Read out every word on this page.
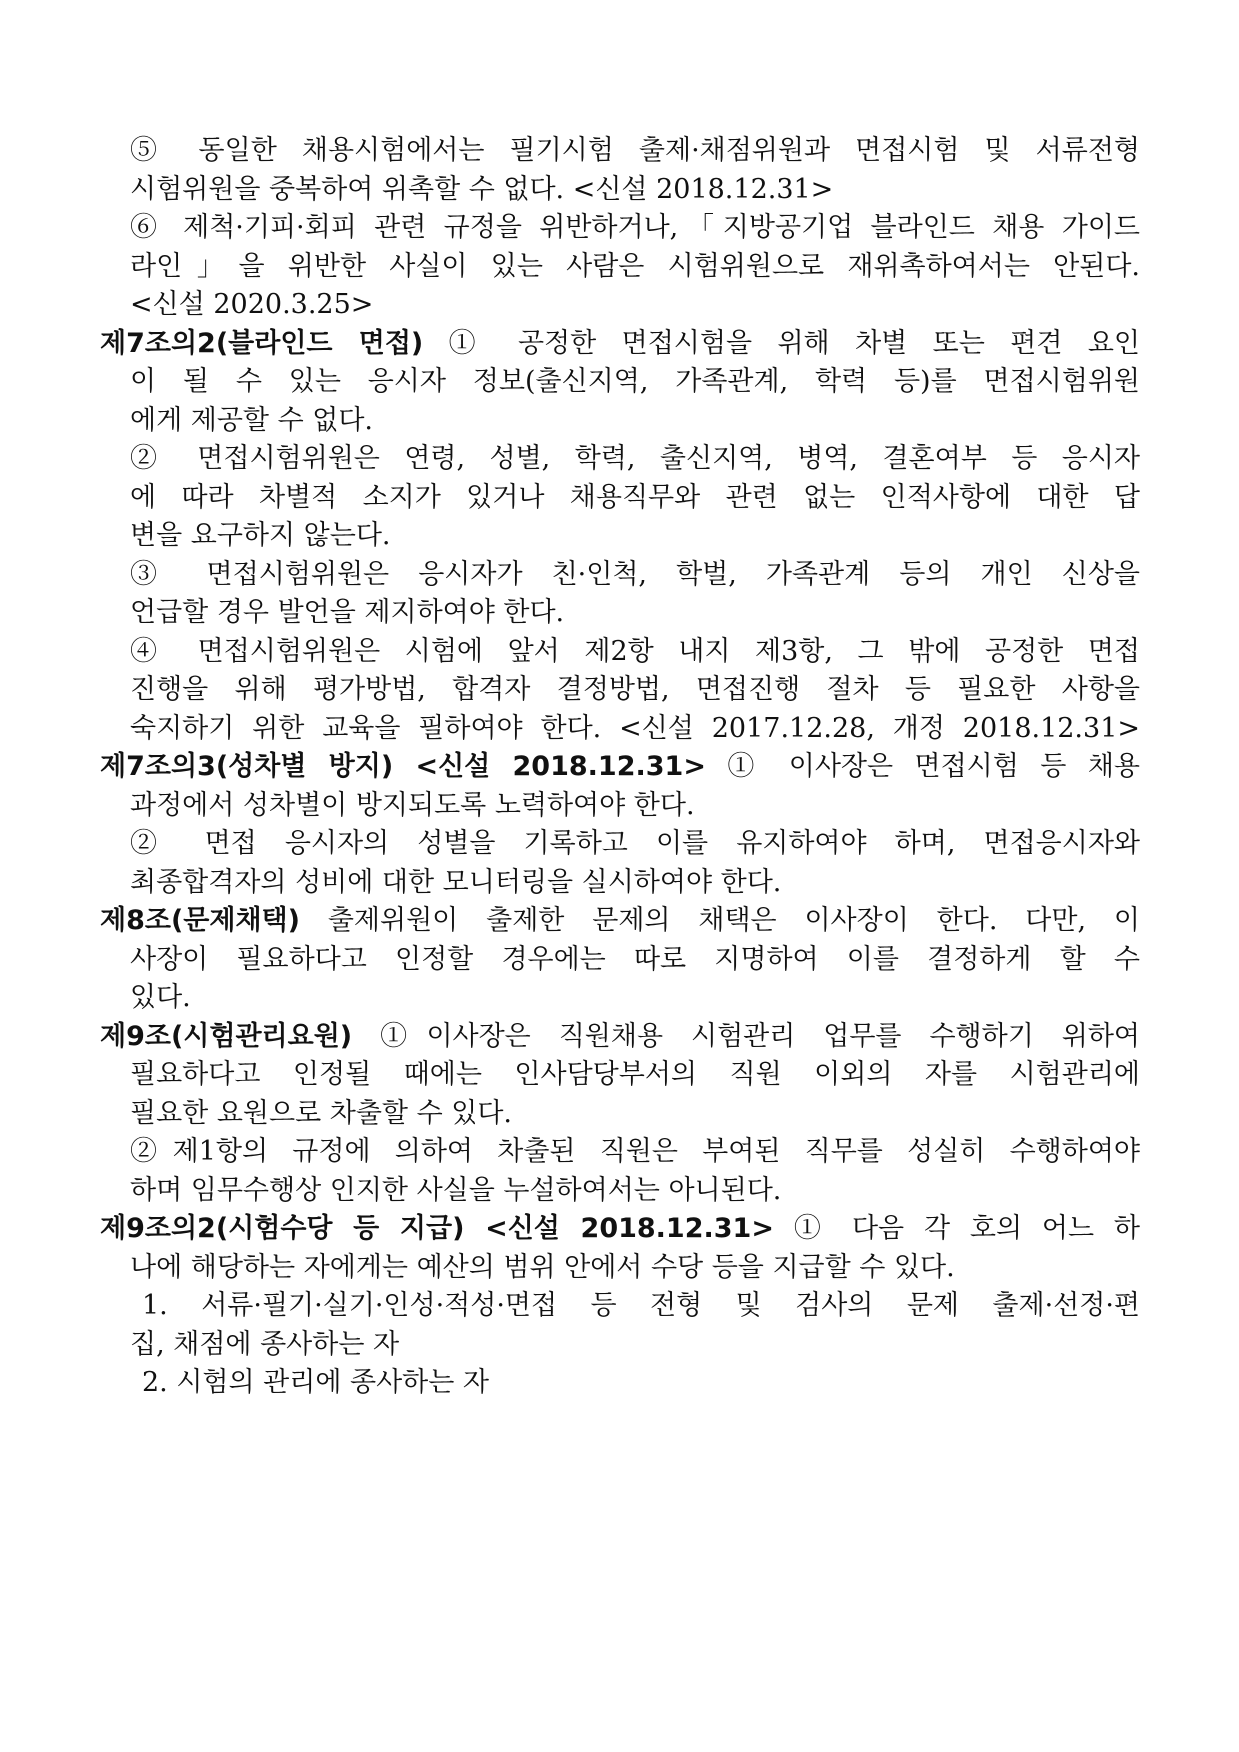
⑤ 동일한 채용시험에서는 필기시험 출제·채점위원과 면접시험 및 서류전형
시험위원을 중복하여 위촉할 수 없다. <신설 2018.12.31>
⑥ 제척·기피·회피 관련 규정을 위반하거나,「지방공기업 블라인드 채용 가이드
라인」을 위반한 사실이 있는 사람은 시험위원으로 재위촉하여서는 안된다.
<신설 2020.3.25>
제7조의2(블라인드 면접) ① 공정한 면접시험을 위해 차별 또는 편견 요인
이 될 수 있는 응시자 정보(출신지역, 가족관계, 학력 등)를 면접시험위원
에게 제공할 수 없다.
② 면접시험위원은 연령, 성별, 학력, 출신지역, 병역, 결혼여부 등 응시자
에 따라 차별적 소지가 있거나 채용직무와 관련 없는 인적사항에 대한 답
변을 요구하지 않는다.
③ 면접시험위원은 응시자가 친·인척, 학벌, 가족관계 등의 개인 신상을
언급할 경우 발언을 제지하여야 한다.
④ 면접시험위원은 시험에 앞서 제2항 내지 제3항, 그 밖에 공정한 면접
진행을 위해 평가방법, 합격자 결정방법, 면접진행 절차 등 필요한 사항을
숙지하기 위한 교육을 필하여야 한다. <신설 2017.12.28, 개정 2018.12.31>
제7조의3(성차별 방지) <신설 2018.12.31> ① 이사장은 면접시험 등 채용
과정에서 성차별이 방지되도록 노력하여야 한다.
② 면접 응시자의 성별을 기록하고 이를 유지하여야 하며, 면접응시자와
최종합격자의 성비에 대한 모니터링을 실시하여야 한다.
제8조(문제채택) 출제위원이 출제한 문제의 채택은 이사장이 한다. 다만, 이
사장이 필요하다고 인정할 경우에는 따로 지명하여 이를 결정하게 할 수
있다.
제9조(시험관리요원) ①이사장은 직원채용 시험관리 업무를 수행하기 위하여
필요하다고 인정될 때에는 인사담당부서의 직원 이외의 자를 시험관리에
필요한 요원으로 차출할 수 있다.
②제1항의 규정에 의하여 차출된 직원은 부여된 직무를 성실히 수행하여야
하며 임무수행상 인지한 사실을 누설하여서는 아니된다.
제9조의2(시험수당 등 지급) <신설 2018.12.31> ① 다음 각 호의 어느 하
나에 해당하는 자에게는 예산의 범위 안에서 수당 등을 지급할 수 있다.
1. 서류·필기·실기·인성·적성·면접 등 전형 및 검사의 문제 출제·선정·편
집, 채점에 종사하는 자
2. 시험의 관리에 종사하는 자
